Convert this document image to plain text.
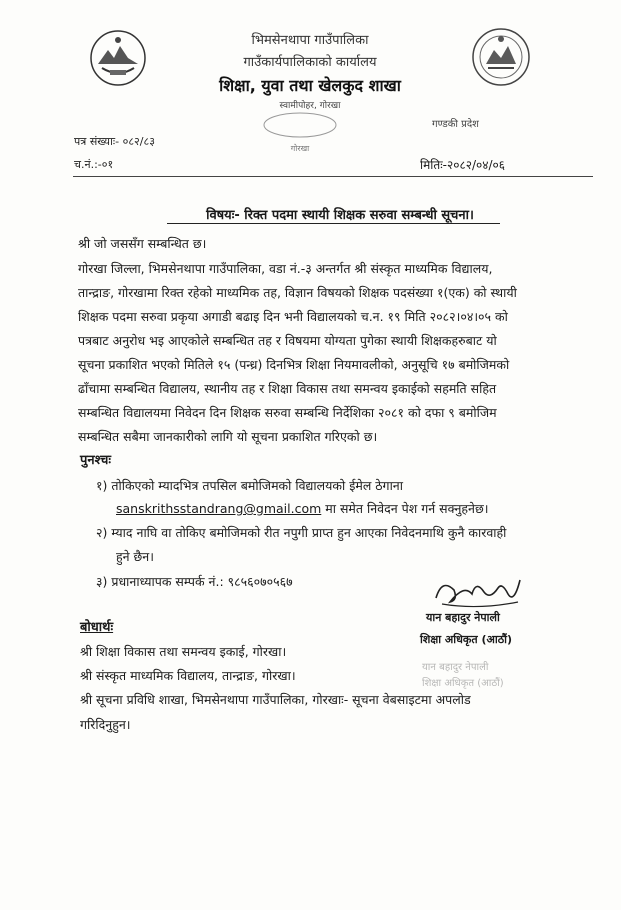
भिमसेनथापा गाउँपालिका
गाउँकार्यपालिकाको कार्यालय
शिक्षा, युवा तथा खेलकुद शाखा
स्वामीपोहर, गोरखा
गोरखा
गण्डकी प्रदेश
पत्र संख्याः- ०८२/८३
च.नं.:-०१	मितिः-२०८२/०४/०६
विषयः- रिक्त पदमा स्थायी शिक्षक सरुवा सम्बन्धी सूचना।
श्री जो जससँग सम्बन्धित छ।
गोरखा जिल्ला, भिमसेनथापा गाउँपालिका, वडा नं.-३ अन्तर्गत श्री संस्कृत माध्यमिक विद्यालय,
तान्द्राङ, गोरखामा रिक्त रहेको माध्यमिक तह, विज्ञान विषयको शिक्षक पदसंख्या १(एक) को स्थायी
शिक्षक पदमा सरुवा प्रकृया अगाडी बढाइ दिन भनी विद्यालयको च.न. १९ मिति २०८२।०४।०५ को
पत्रबाट अनुरोध भइ आएकोले सम्बन्धित तह र विषयमा योग्यता पुगेका स्थायी शिक्षकहरुबाट यो
सूचना प्रकाशित भएको मितिले १५ (पन्ध्र) दिनभित्र शिक्षा नियमावलीको, अनुसूचि १७ बमोजिमको
ढाँचामा सम्बन्धित विद्यालय, स्थानीय तह र शिक्षा विकास तथा समन्वय इकाईको सहमति सहित
सम्बन्धित विद्यालयमा निवेदन दिन शिक्षक सरुवा सम्बन्धि निर्देशिका २०८१ को दफा ९ बमोजिम
सम्बन्धित सबैमा जानकारीको लागि यो सूचना प्रकाशित गरिएको छ।
पुनश्चः
१) तोकिएको म्यादभित्र तपसिल बमोजिमको विद्यालयको ईमेल ठेगाना
sanskrithsstandrang@gmail.com मा समेत निवेदन पेश गर्न सक्नुहनेछ।
२) म्याद नाघि वा तोकिए बमोजिमको रीत नपुगी प्राप्त हुन आएका निवेदनमाथि कुनै कारवाही
हुने छैन।
३) प्रधानाध्यापक सम्पर्क नं.: ९८५६०७०५६७
यान बहादुर नेपाली
शिक्षा अधिकृत (आठौं)
बोधार्थः
श्री शिक्षा विकास तथा समन्वय इकाई, गोरखा।
श्री संस्कृत माध्यमिक विद्यालय, तान्द्राङ, गोरखा।
श्री सूचना प्रविधि शाखा, भिमसेनथापा गाउँपालिका, गोरखाः- सूचना वेबसाइटमा अपलोड
गरिदिनुहुन।
यान बहादुर नेपाली
शिक्षा अधिकृत (आठौं)
